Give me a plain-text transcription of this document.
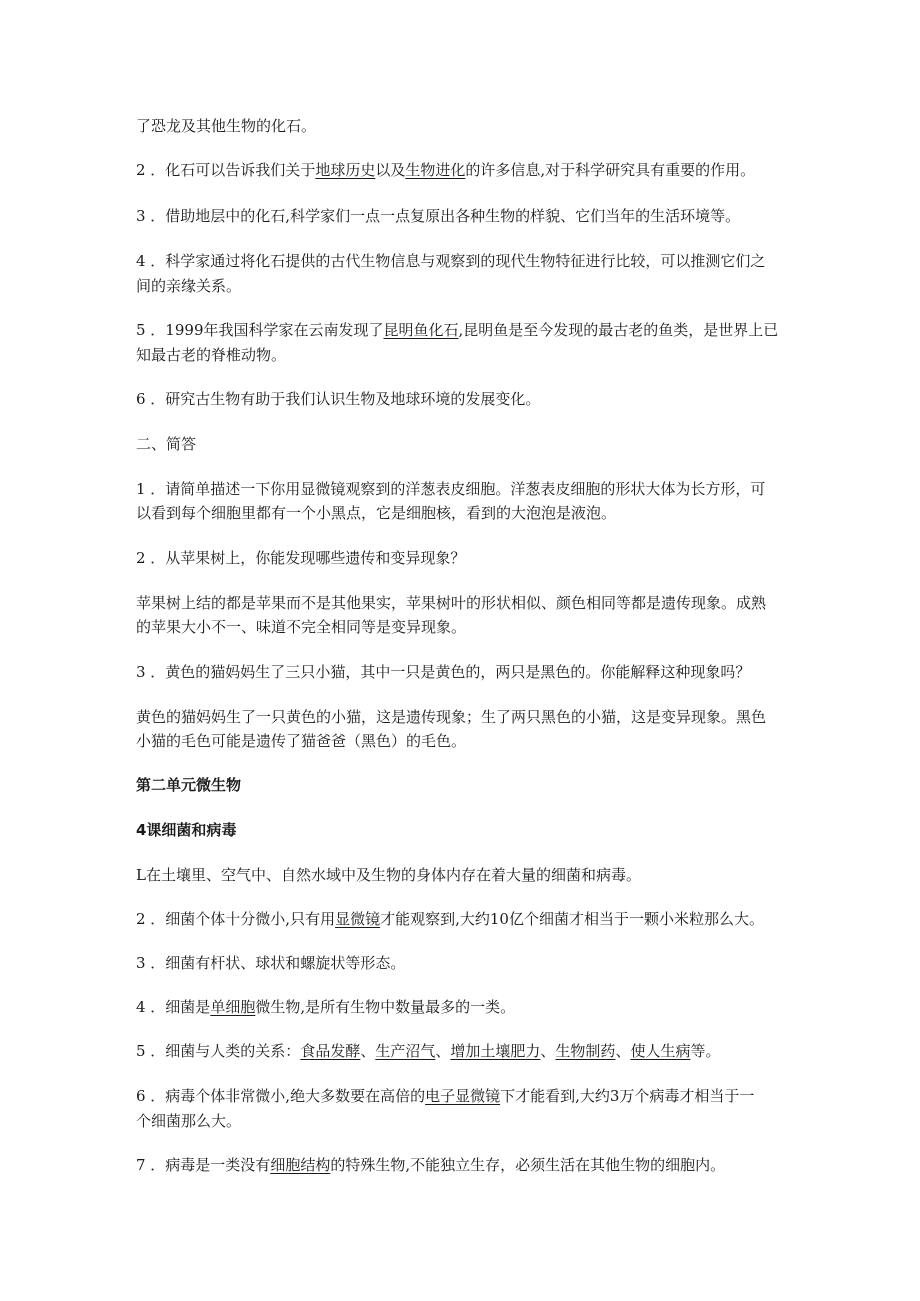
了恐龙及其他生物的化石。
2 ．化石可以告诉我们关于地球历史以及生物进化的许多信息,对于科学研究具有重要的作用。
3 ．借助地层中的化石,科学家们一点一点复原出各种生物的样貌、它们当年的生活环境等。
4 ．科学家通过将化石提供的古代生物信息与观察到的现代生物特征进行比较，可以推测它们之
间的亲缘关系。
5 ．1999年我国科学家在云南发现了昆明鱼化石,昆明鱼是至今发现的最古老的鱼类，是世界上已
知最古老的脊椎动物。
6 ．研究古生物有助于我们认识生物及地球环境的发展变化。
二、简答
1 ．请简单描述一下你用显微镜观察到的洋葱表皮细胞。洋葱表皮细胞的形状大体为长方形，可
以看到每个细胞里都有一个小黑点，它是细胞核，看到的大泡泡是液泡。
2 ．从苹果树上，你能发现哪些遗传和变异现象？
苹果树上结的都是苹果而不是其他果实，苹果树叶的形状相似、颜色相同等都是遗传现象。成熟
的苹果大小不一、味道不完全相同等是变异现象。
3 ．黄色的猫妈妈生了三只小猫，其中一只是黄色的，两只是黑色的。你能解释这种现象吗？
黄色的猫妈妈生了一只黄色的小猫，这是遗传现象；生了两只黑色的小猫，这是变异现象。黑色
小猫的毛色可能是遗传了猫爸爸（黑色）的毛色。
第二单元微生物
4课细菌和病毒
L在土壤里、空气中、自然水域中及生物的身体内存在着大量的细菌和病毒。
2 ．细菌个体十分微小,只有用显微镜才能观察到,大约10亿个细菌才相当于一颗小米粒那么大。
3 ．细菌有杆状、球状和螺旋状等形态。
4 ．细菌是单细胞微生物,是所有生物中数量最多的一类。
5 ．细菌与人类的关系：食品发酵、生产沼气、增加土壤肥力、生物制药、使人生病等。
6 ．病毒个体非常微小,绝大多数要在高倍的电子显微镜下才能看到,大约3万个病毒才相当于一
个细菌那么大。
7 ．病毒是一类没有细胞结构的特殊生物,不能独立生存，必须生活在其他生物的细胞内。
